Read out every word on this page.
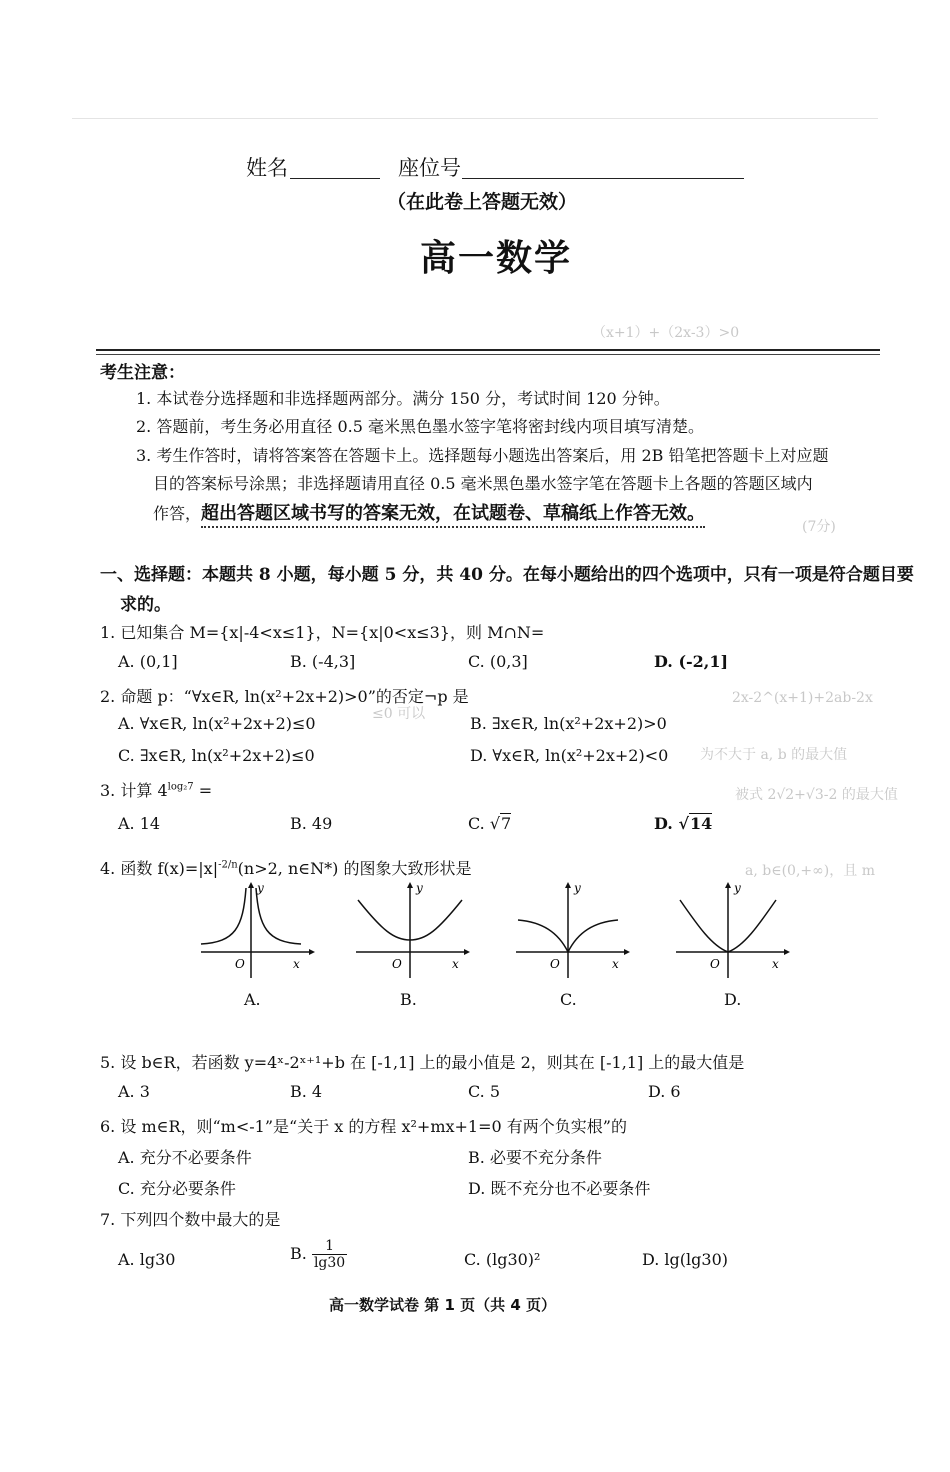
姓名	座位号
（在此卷上答题无效）
高一数学
（x+1）+（2x-3）>0
(7分)
2x-2^(x+1)+2ab-2x
≤0 可以
为不大于 a, b 的最大值
被式 2√2+√3-2 的最大值
a, b∈(0,+∞)，且 m
考生注意：
1. 本试卷分选择题和非选择题两部分。满分 150 分，考试时间 120 分钟。
2. 答题前，考生务必用直径 0.5 毫米黑色墨水签字笔将密封线内项目填写清楚。
3. 考生作答时，请将答案答在答题卡上。选择题每小题选出答案后，用 2B 铅笔把答题卡上对应题
目的答案标号涂黑；非选择题请用直径 0.5 毫米黑色墨水签字笔在答题卡上各题的答题区域内
作答，超出答题区域书写的答案无效，在试题卷、草稿纸上作答无效。
一、选择题：本题共 8 小题，每小题 5 分，共 40 分。在每小题给出的四个选项中，只有一项是符合题目要
求的。
1. 已知集合 M={x|-4<x≤1}，N={x|0<x≤3}，则 M∩N=
A. (0,1]	B. (-4,3]	C. (0,3]	D. (-2,1]
2. 命题 p：“∀x∈R, ln(x²+2x+2)>0”的否定¬p 是
A. ∀x∈R, ln(x²+2x+2)≤0	B. ∃x∈R, ln(x²+2x+2)>0
C. ∃x∈R, ln(x²+2x+2)≤0	D. ∀x∈R, ln(x²+2x+2)<0
3. 计算 $4^{log_27}$ =
A. 14	B. 49	C. √7	D. √14
4. 函数 $f(x)=|x|^{-2/n}(n>2$, n∈N*) 的图象大致形状是
y
x
O
y
x
O
y
x
O
y
x
O
A.	B.	C.	D.
5. 设 b∈R，若函数 y=4ˣ-2ˣ⁺¹+b 在 [-1,1] 上的最小值是 2，则其在 [-1,1] 上的最大值是
A. 3	B. 4	C. 5	D. 6
6. 设 m∈R，则“m<-1”是“关于 x 的方程 x²+mx+1=0 有两个负实根”的
A. 充分不必要条件	B. 必要不充分条件
C. 充分必要条件	D. 既不充分也不必要条件
7. 下列四个数中最大的是
A. lg30	B. $\frac{1}{\lg 30}$	C. (lg30)²	D. lg(lg30)
高一数学试卷 第 1 页（共 4 页）
